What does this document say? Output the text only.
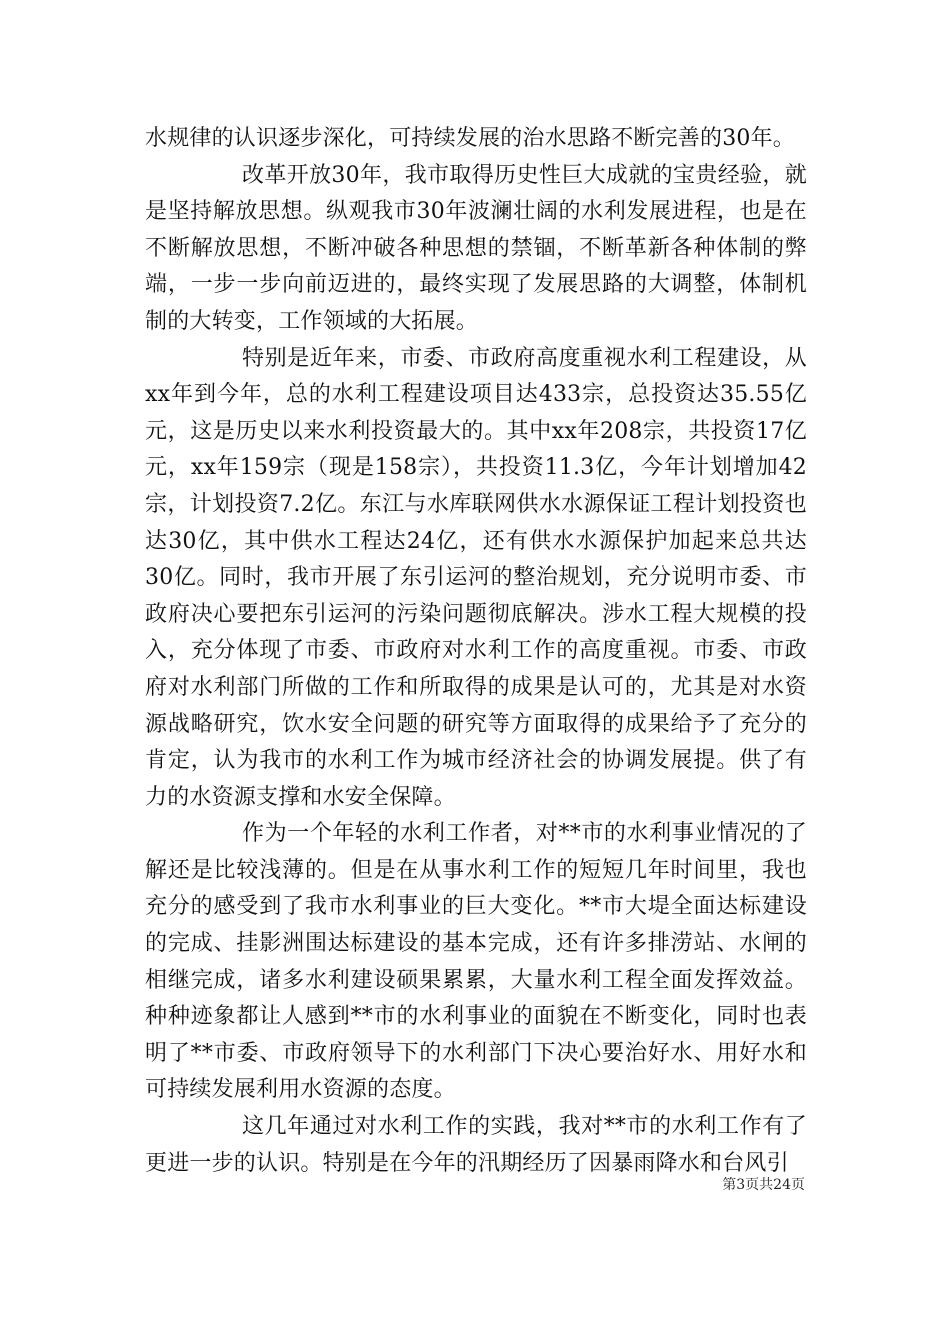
水规律的认识逐步深化，可持续发展的治水思路不断完善的30年。

改革开放30年，我市取得历史性巨大成就的宝贵经验，就是坚持解放思想。纵观我市30年波澜壮阔的水利发展进程，也是在不断解放思想，不断冲破各种思想的禁锢，不断革新各种体制的弊端，一步一步向前迈进的，最终实现了发展思路的大调整，体制机制的大转变，工作领域的大拓展。

特别是近年来，市委、市政府高度重视水利工程建设，从xx年到今年，总的水利工程建设项目达433宗，总投资达35.55亿元，这是历史以来水利投资最大的。其中xx年208宗，共投资17亿元，xx年159宗（现是158宗），共投资11.3亿，今年计划增加42宗，计划投资7.2亿。东江与水库联网供水水源保证工程计划投资也达30亿，其中供水工程达24亿，还有供水水源保护加起来总共达30亿。同时，我市开展了东引运河的整治规划，充分说明市委、市政府决心要把东引运河的污染问题彻底解决。涉水工程大规模的投入，充分体现了市委、市政府对水利工作的高度重视。市委、市政府对水利部门所做的工作和所取得的成果是认可的，尤其是对水资源战略研究，饮水安全问题的研究等方面取得的成果给予了充分的肯定，认为我市的水利工作为城市经济社会的协调发展提。供了有力的水资源支撑和水安全保障。

作为一个年轻的水利工作者，对**市的水利事业情况的了解还是比较浅薄的。但是在从事水利工作的短短几年时间里，我也充分的感受到了我市水利事业的巨大变化。**市大堤全面达标建设的完成、挂影洲围达标建设的基本完成，还有许多排涝站、水闸的相继完成，诸多水利建设硕果累累，大量水利工程全面发挥效益。种种迹象都让人感到**市的水利事业的面貌在不断变化，同时也表明了**市委、市政府领导下的水利部门下决心要治好水、用好水和可持续发展利用水资源的态度。

这几年通过对水利工作的实践，我对**市的水利工作有了更进一步的认识。特别是在今年的汛期经历了因暴雨降水和台风引

第3页共24页
